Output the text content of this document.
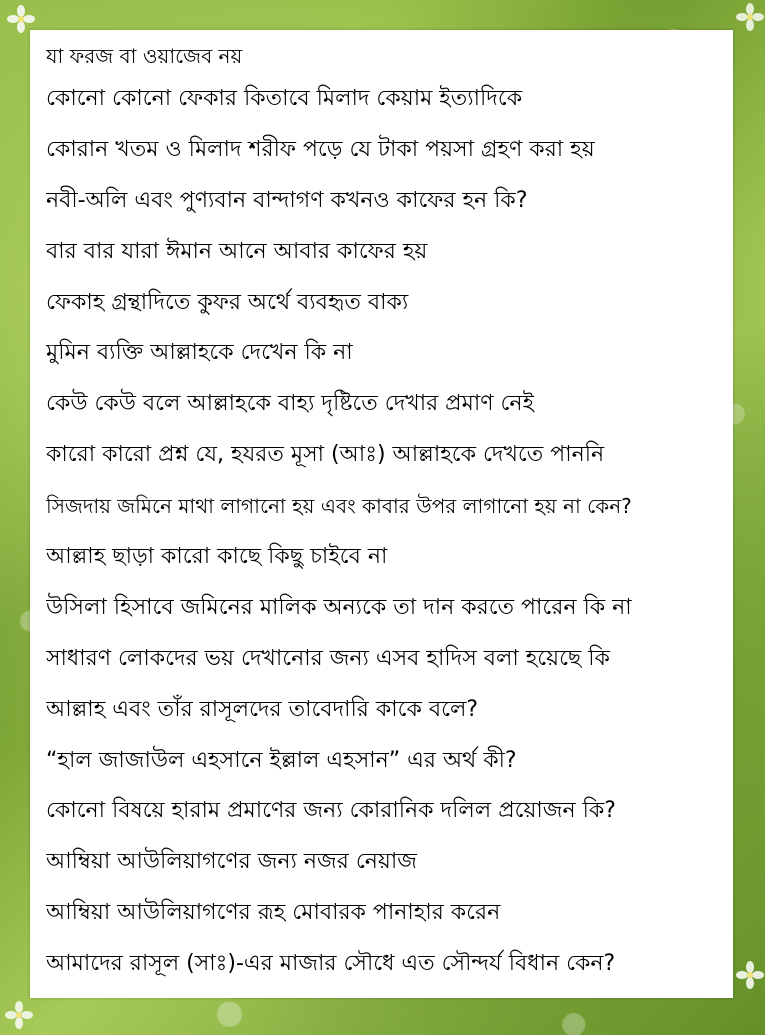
যা ফরজ বা ওয়াজেব নয়
কোনো কোনো ফেকার কিতাবে মিলাদ কেয়াম ইত্যাদিকে
কোরান খতম ও মিলাদ শরীফ পড়ে যে টাকা পয়সা গ্রহণ করা হয়
নবী-অলি এবং পুণ্যবান বান্দাগণ কখনও কাফের হন কি?
বার বার যারা ঈমান আনে আবার কাফের হয়
ফেকাহ গ্রন্থাদিতে কুফর অর্থে ব্যবহৃত বাক্য
মুমিন ব্যক্তি আল্লাহকে দেখেন কি না
কেউ কেউ বলে আল্লাহকে বাহ্য দৃষ্টিতে দেখার প্রমাণ নেই
কারো কারো প্রশ্ন যে, হযরত মূসা (আঃ) আল্লাহকে দেখতে পাননি
সিজদায় জমিনে মাথা লাগানো হয় এবং কাবার উপর লাগানো হয় না কেন?
আল্লাহ ছাড়া কারো কাছে কিছু চাইবে না
উসিলা হিসাবে জমিনের মালিক অন্যকে তা দান করতে পারেন কি না
সাধারণ লোকদের ভয় দেখানোর জন্য এসব হাদিস বলা হয়েছে কি
আল্লাহ এবং তাঁর রাসূলদের তাবেদারি কাকে বলে?
“হাল জাজাউল এহসানে ইল্লাল এহসান” এর অর্থ কী?
কোনো বিষয়ে হারাম প্রমাণের জন্য কোরানিক দলিল প্রয়োজন কি?
আম্বিয়া আউলিয়াগণের জন্য নজর নেয়াজ
আম্বিয়া আউলিয়াগণের রূহ মোবারক পানাহার করেন
আমাদের রাসূল (সাঃ)-এর মাজার সৌধে এত সৌন্দর্য বিধান কেন?
